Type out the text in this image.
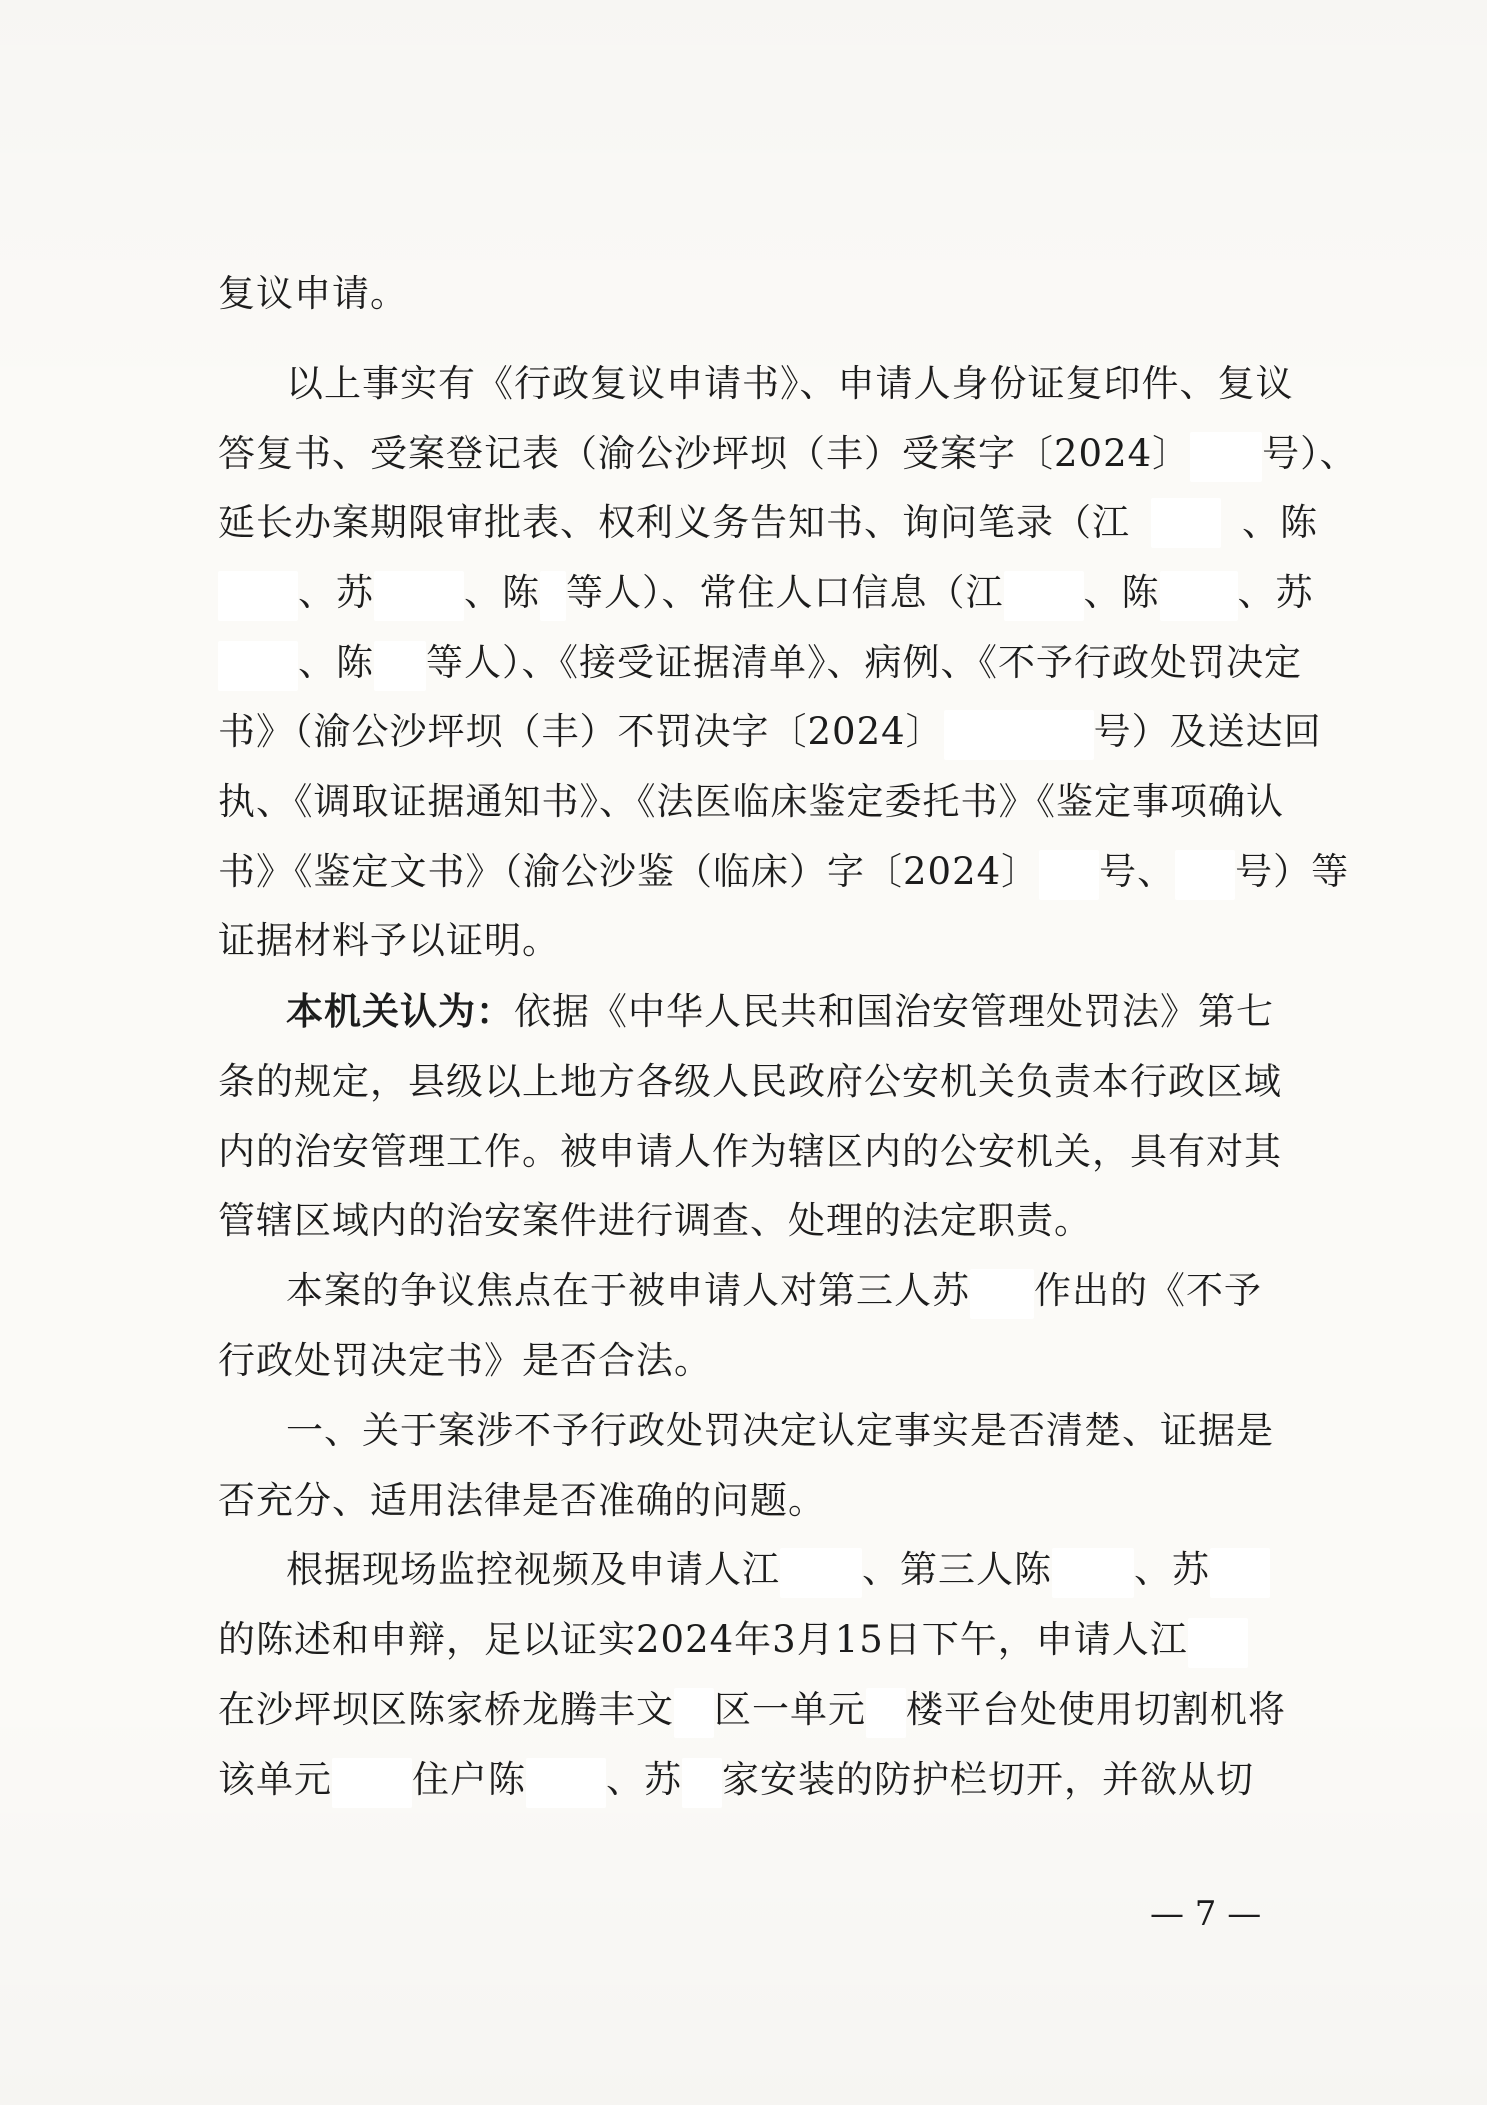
复议申请。
以上事实有《行政复议申请书》、申请人身份证复印件、复议
答复书、受案登记表（渝公沙坪坝（丰）受案字〔2024〕 号）、
延长办案期限审批表、权利义务告知书、询问笔录（江	、陈
、苏 、陈 等人）、常住人口信息（江 、陈 、苏
、陈 等人）、《接受证据清单》、病例、《不予行政处罚决定
书》（渝公沙坪坝（丰）不罚决字〔2024〕	号）及送达回
执、《调取证据通知书》、《法医临床鉴定委托书》《鉴定事项确认
书》《鉴定文书》（渝公沙鉴（临床）字〔2024〕 号、 号）等
证据材料予以证明。
本机关认为：依据《中华人民共和国治安管理处罚法》第七
条的规定，县级以上地方各级人民政府公安机关负责本行政区域
内的治安管理工作。被申请人作为辖区内的公安机关，具有对其
管辖区域内的治安案件进行调查、处理的法定职责。
本案的争议焦点在于被申请人对第三人苏 作出的《不予
行政处罚决定书》是否合法。
一、关于案涉不予行政处罚决定认定事实是否清楚、证据是
否充分、适用法律是否准确的问题。
根据现场监控视频及申请人江 、第三人陈 、苏
的陈述和申辩，足以证实2024年3月15日下午，申请人江
在沙坪坝区陈家桥龙腾丰文 区一单元 楼平台处使用切割机将
该单元 住户陈 、苏 家安装的防护栏切开，并欲从切
— 7 —
